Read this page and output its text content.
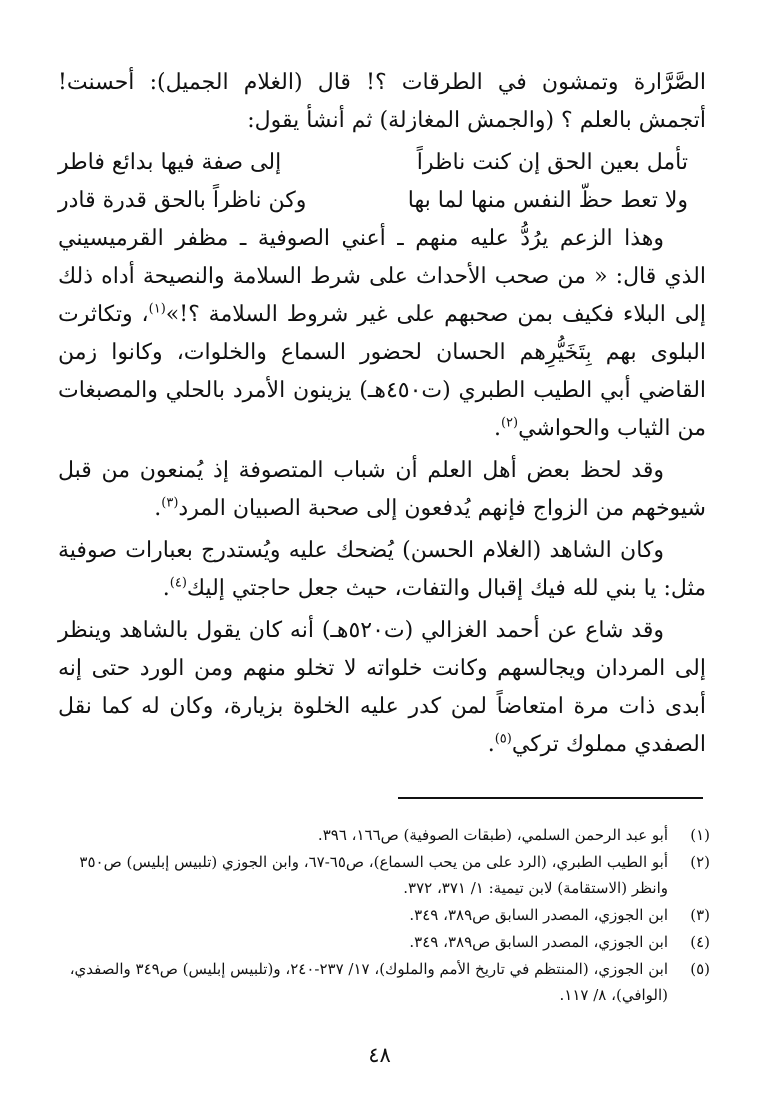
الصَّرَّارة وتمشون في الطرقات ؟! قال (الغلام الجميل): أحسنت! أتجمش بالعلم ؟ (والجمش المغازلة) ثم أنشأ يقول:

تأمل بعين الحق إن كنت ناظراً
إلى صفة فيها بدائع فاطر
ولا تعط حظّ النفس منها لما بها
وكن ناظراً بالحق قدرة قادر

وهذا الزعم يرُدُّ عليه منهم ـ أعني الصوفية ـ مظفر القرميسيني الذي قال: « من صحب الأحداث على شرط السلامة والنصيحة أداه ذلك إلى البلاء فكيف بمن صحبهم على غير شروط السلامة ؟!»$^{(١)}$، وتكاثرت البلوى بهم بِتَخَيُّرِهم الحسان لحضور السماع والخلوات، وكانوا زمن القاضي أبي الطيب الطبري (ت٤٥٠هـ) يزينون الأمرد بالحلي والمصبغات من الثياب والحواشي$^{(٢)}$.

وقد لحظ بعض أهل العلم أن شباب المتصوفة إذ يُمنعون من قبل شيوخهم من الزواج فإنهم يُدفعون إلى صحبة الصبيان المرد$^{(٣)}$.

وكان الشاهد (الغلام الحسن) يُضحك عليه ويُستدرج بعبارات صوفية مثل: يا بني لله فيك إقبال والتفات، حيث جعل حاجتي إليك$^{(٤)}$.

وقد شاع عن أحمد الغزالي (ت٥٢٠هـ) أنه كان يقول بالشاهد وينظر إلى المردان ويجالسهم وكانت خلواته لا تخلو منهم ومن الورد حتى إنه أبدى ذات مرة امتعاضاً لمن كدر عليه الخلوة بزيارة، وكان له كما نقل الصفدي مملوك تركي$^{(٥)}$.

(١)
أبو عبد الرحمن السلمي، (طبقات الصوفية) ص١٦٦، ٣٩٦.
(٢)
أبو الطيب الطبري، (الرد على من يحب السماع)، ص٦٥-٦٧، وابن الجوزي (تلبيس إبليس) ص٣٥٠ وانظر (الاستقامة) لابن تيمية: ١/ ٣٧١، ٣٧٢.
(٣)
ابن الجوزي، المصدر السابق ص٣٨٩، ٣٤٩.
(٤)
ابن الجوزي، المصدر السابق ص٣٨٩، ٣٤٩.
(٥)
ابن الجوزي، (المنتظم في تاريخ الأمم والملوك)، ١٧/ ٢٣٧-٢٤٠، و(تلبيس إبليس) ص٣٤٩ والصفدي، (الوافي)، ٨/ ١١٧.
٤٨
